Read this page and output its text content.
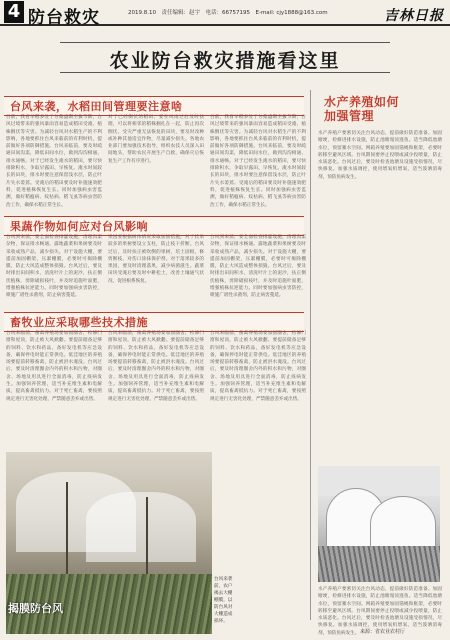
4 防台救灾	2019.8.10　责任编辑：赵宇　电话：66757195　E-mail: cjy1888@163.com	吉林日报
农业防台救灾措施看这里
台风来袭，水稻田间管理要注意啥
目前，我省早稻多处于分蘖盛期至拔节期，台风过境带来的强风暴雨容易造成稻田受淹、植株倒伏等灾害。为减轻台风对水稻生产的不利影响，各地要抓住台风来临前的有利时机，提前做好各项防御措施。台风来临前，要及时疏通田间沟渠，降低田间水位，做到沟沟相通、排水通畅。对于已经发生淹水的稻田，要尽快排除积水，争取早露田、早恢复。淹水时间较长的田块，排水时要注意保留浅水层，防止叶片失水萎蔫。受淹后的稻田要及时补施速效肥料，促进植株恢复生长。同时加强病虫害监测，做好稻瘟病、纹枯病、稻飞虱等病虫害防治工作，确保水稻正常生长。
对于已经倒伏的稻田，要在风雨过后及时扶理，可以将相邻的稻株捆扎在一起，防止再次倒伏。受灾严重无法恢复的田块，要及时改种或补种其他适宜作物，尽量减少损失。各地农业部门要加强技术指导，组织农技人员深入田间地头，帮助农民开展生产自救，确保灾后恢复生产工作有序进行。
目前，我省早稻多处于分蘖盛期至拔节期，台风过境带来的强风暴雨容易造成稻田受淹、植株倒伏等灾害。为减轻台风对水稻生产的不利影响，各地要抓住台风来临前的有利时机，提前做好各项防御措施。台风来临前，要及时疏通田间沟渠，降低田间水位，做到沟沟相通、排水通畅。对于已经发生淹水的稻田，要尽快排除积水，争取早露田、早恢复。淹水时间较长的田块，排水时要注意保留浅水层，防止叶片失水萎蔫。受淹后的稻田要及时补施速效肥料，促进植株恢复生长。同时加强病虫害监测，做好稻瘟病、纹枯病、稻飞虱等病虫害防治工作，确保水稻正常生长。
果蔬作物如何应对台风影响
台风到来前，要全面检查排灌设施，清理沟渠杂物，保证排水畅通。露地蔬菜和果树要及时采收成熟产品，减少损失。对于设施大棚，要提前加固棚架，压紧棚膜，必要时可揭除棚膜，防止大风造成整体损毁。台风过后，要及时排出田间积水，清洗叶片上的泥沙，扶正倒伏植株，剪除破损枝叶，并及时追施叶面肥，增强植株抗逆能力。同时要加强病虫害防控，喷施广谱性杀菌剂，防止病害蔓延。
果园要根据树体情况采取加固措施，对于挂果较多的果树要设立支柱，防止枝干折断。台风过后，及时扶正被吹倒的果树，培土固根，修剪断枝，对伤口涂抹保护剂。对于落果较多的果园，要及时清理落果，减少病菌滋生。蔬菜田块受淹后要及时中耕松土，改善土壤通气状况，促进根系恢复。
台风到来前，要全面检查排灌设施，清理沟渠杂物，保证排水畅通。露地蔬菜和果树要及时采收成熟产品，减少损失。对于设施大棚，要提前加固棚架，压紧棚膜，必要时可揭除棚膜，防止大风造成整体损毁。台风过后，要及时排出田间积水，清洗叶片上的泥沙，扶正倒伏植株，剪除破损枝叶，并及时追施叶面肥，增强植株抗逆能力。同时要加强病虫害防控，喷施广谱性杀菌剂，防止病害蔓延。
畜牧业应采取哪些技术措施
台风来临前，畜禽养殖场要加固圈舍，检修门窗和屋顶，防止被大风掀翻。要提前储备足够的饲料、饮水和药品，备好发电机等应急设备，确保停电时能正常供电。低洼地区的养殖场要提前转移畜禽，防止被洪水淹没。台风过后，要及时清理圈舍内外的积水和污物，对圈舍、场地及用具进行全面消毒，防止疫病发生。加强饲养管理，适当补充维生素和电解质，提高畜禽抵抗力。对于死亡畜禽，要按照规定进行无害化处理，严禁随意丢弃或出售。
台风来临前，畜禽养殖场要加固圈舍，检修门窗和屋顶，防止被大风掀翻。要提前储备足够的饲料、饮水和药品，备好发电机等应急设备，确保停电时能正常供电。低洼地区的养殖场要提前转移畜禽，防止被洪水淹没。台风过后，要及时清理圈舍内外的积水和污物，对圈舍、场地及用具进行全面消毒，防止疫病发生。加强饲养管理，适当补充维生素和电解质，提高畜禽抵抗力。对于死亡畜禽，要按照规定进行无害化处理，严禁随意丢弃或出售。
台风来临前，畜禽养殖场要加固圈舍，检修门窗和屋顶，防止被大风掀翻。要提前储备足够的饲料、饮水和药品，备好发电机等应急设备，确保停电时能正常供电。低洼地区的养殖场要提前转移畜禽，防止被洪水淹没。台风过后，要及时清理圈舍内外的积水和污物，对圈舍、场地及用具进行全面消毒，防止疫病发生。加强饲养管理，适当补充维生素和电解质，提高畜禽抵抗力。对于死亡畜禽，要按照规定进行无害化处理，严禁随意丢弃或出售。
水产养殖如何加强管理
水产养殖户要密切关注台风动态，提前做好防范准备。加固塘埂，检修进排水设施，防止池塘漫顶逃鱼。适当降低池塘水位，预留蓄水空间。网箱养殖要加固锚绳和框架，必要时转移至避风区域。台风期间要停止投喂或减少投喂量，防止水质恶化。台风过后，要及时检查池塘及设施受损情况，尽快修复。加强水质调控，使用增氧机增氧，适当泼洒消毒剂，预防鱼病发生。
水产养殖户要密切关注台风动态，提前做好防范准备。加固塘埂，检修进排水设施，防止池塘漫顶逃鱼。适当降低池塘水位，预留蓄水空间。网箱养殖要加固锚绳和框架，必要时转移至避风区域。台风期间要停止投喂或减少投喂量，防止水质恶化。台风过后，要及时检查池塘及设施受损情况，尽快修复。加强水质调控，使用增氧机增氧，适当泼洒消毒剂，预防鱼病发生。 来源：省农业农村厅
揭膜防台风
台风来袭前，农户揭去大棚棚膜，以防台风对大棚造成损坏。
